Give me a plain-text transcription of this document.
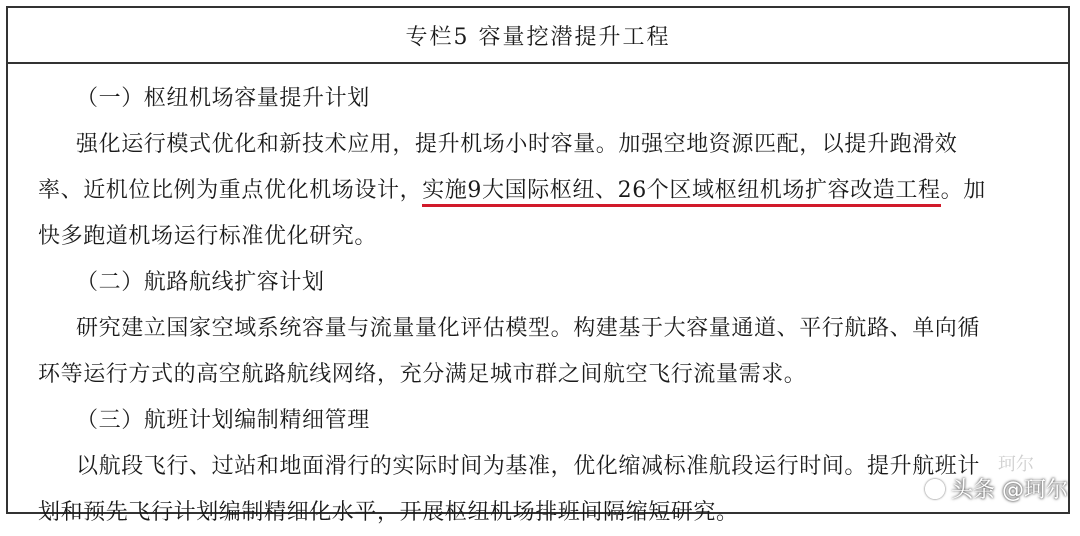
专栏5 容量挖潜提升工程
（一）枢纽机场容量提升计划
强化运行模式优化和新技术应用，提升机场小时容量。加强空地资源匹配，以提升跑滑效
率、近机位比例为重点优化机场设计，实施9大国际枢纽、26个区域枢纽机场扩容改造工程。加
快多跑道机场运行标准优化研究。
（二）航路航线扩容计划
研究建立国家空域系统容量与流量量化评估模型。构建基于大容量通道、平行航路、单向循
环等运行方式的高空航路航线网络，充分满足城市群之间航空飞行流量需求。
（三）航班计划编制精细管理
以航段飞行、过站和地面滑行的实际时间为基准，优化缩减标准航段运行时间。提升航班计
划和预先飞行计划编制精细化水平，开展枢纽机场排班间隔缩短研究。
珂尔
头条 @珂尔
